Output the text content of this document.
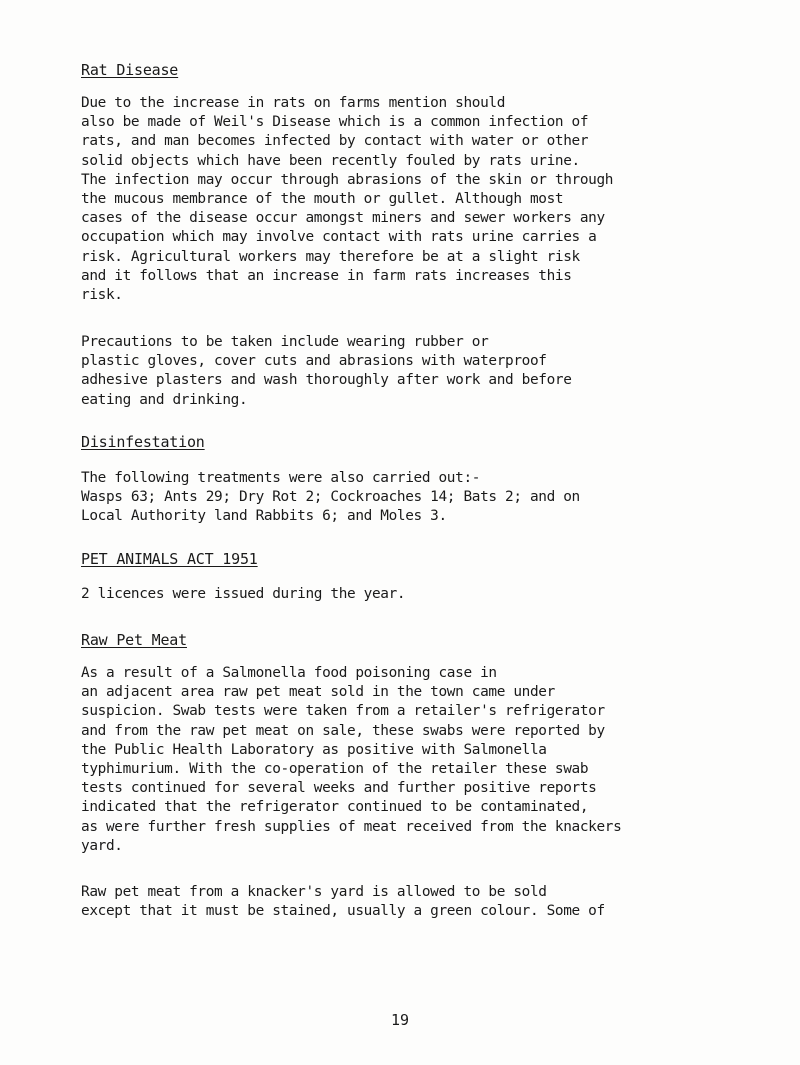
Rat Disease
Due to the increase in rats on farms mention should
also be made of Weil's Disease which is a common infection of
rats, and man becomes infected by contact with water or other
solid objects which have been recently fouled by rats urine.
The infection may occur through abrasions of the skin or through
the mucous membrance of the mouth or gullet. Although most
cases of the disease occur amongst miners and sewer workers any
occupation which may involve contact with rats urine carries a
risk. Agricultural workers may therefore be at a slight risk
and it follows that an increase in farm rats increases this
risk.
Precautions to be taken include wearing rubber or
plastic gloves, cover cuts and abrasions with waterproof
adhesive plasters and wash thoroughly after work and before
eating and drinking.
Disinfestation
The following treatments were also carried out:-
Wasps 63; Ants 29; Dry Rot 2; Cockroaches 14; Bats 2; and on
Local Authority land Rabbits 6; and Moles 3.
PET ANIMALS ACT 1951
2 licences were issued during the year.
Raw Pet Meat
As a result of a Salmonella food poisoning case in
an adjacent area raw pet meat sold in the town came under
suspicion. Swab tests were taken from a retailer's refrigerator
and from the raw pet meat on sale, these swabs were reported by
the Public Health Laboratory as positive with Salmonella
typhimurium. With the co-operation of the retailer these swab
tests continued for several weeks and further positive reports
indicated that the refrigerator continued to be contaminated,
as were further fresh supplies of meat received from the knackers
yard.
Raw pet meat from a knacker's yard is allowed to be sold
except that it must be stained, usually a green colour. Some of
19
